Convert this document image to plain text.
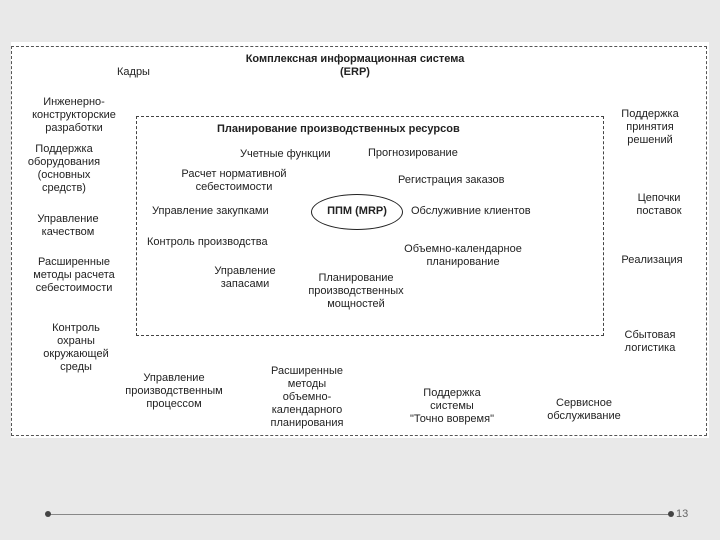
Комплексная информационная система
(ERP)

Кадры

Планирование производственных ресурсов

ППМ (MRP)

Инженерно-
конструкторские
разработки

Поддержка
оборудования
(основных
средств)

Управление
качеством

Расширенные
методы расчета
себестоимости

Контроль
охраны
окружающей
среды

Поддержка
принятия
решений

Цепочки
поставок

Реализация

Сбытовая
логистика

Учетные функции	Прогнозирование

Расчет нормативной
себестоимости

Регистрация заказов

Управление закупками	Обслуживние клиентов

Контроль производства

Объемно-календарное
планирование

Управление
запасами	Планирование
производственных
мощностей

Управление
производственным
процессом

Расширенные
методы
объемно-
календарного
планирования

Поддержка
системы
"Точно вовремя"

Сервисное
обслуживание

13
